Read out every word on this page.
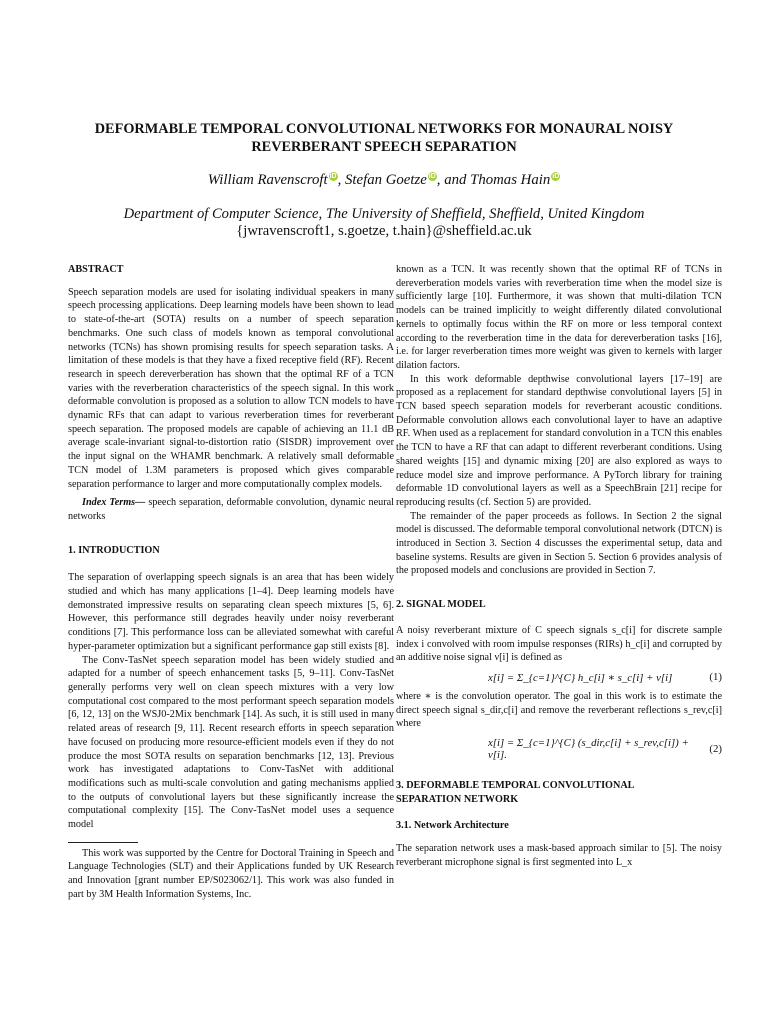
DEFORMABLE TEMPORAL CONVOLUTIONAL NETWORKS FOR MONAURAL NOISY REVERBERANT SPEECH SEPARATION
William Ravenscroft iD, Stefan Goetze iD, and Thomas Hain iD
Department of Computer Science, The University of Sheffield, Sheffield, United Kingdom
{jwravenscroft1, s.goetze, t.hain}@sheffield.ac.uk

ABSTRACT

Speech separation models are used for isolating individual speakers in many speech processing applications. Deep learning models have been shown to lead to state-of-the-art (SOTA) results on a number of speech separation benchmarks. One such class of models known as temporal convolutional networks (TCNs) has shown promising results for speech separation tasks. A limitation of these models is that they have a fixed receptive field (RF). Recent research in speech dereverberation has shown that the optimal RF of a TCN varies with the reverberation characteristics of the speech signal. In this work deformable convolution is proposed as a solution to allow TCN models to have dynamic RFs that can adapt to various reverberation times for reverberant speech separation. The proposed models are capable of achieving an 11.1 dB average scale-invariant signal-to-distortion ratio (SISDR) improvement over the input signal on the WHAMR benchmark. A relatively small deformable TCN model of 1.3M parameters is proposed which gives comparable separation performance to larger and more computationally complex models.

Index Terms— speech separation, deformable convolution, dynamic neural networks

1. INTRODUCTION

The separation of overlapping speech signals is an area that has been widely studied and which has many applications [1–4]. Deep learning models have demonstrated impressive results on separating clean speech mixtures [5, 6]. However, this performance still degrades heavily under noisy reverberant conditions [7]. This performance loss can be alleviated somewhat with careful hyper-parameter optimization but a significant performance gap still exists [8].

The Conv-TasNet speech separation model has been widely studied and adapted for a number of speech enhancement tasks [5, 9–11]. Conv-TasNet generally performs very well on clean speech mixtures with a very low computational cost compared to the most performant speech separation models [6, 12, 13] on the WSJ0-2Mix benchmark [14]. As such, it is still used in many related areas of research [9, 11]. Recent research efforts in speech separation have focused on producing more resource-efficient models even if they do not produce the most SOTA results on separation benchmarks [12, 13]. Previous work has investigated adaptations to Conv-TasNet with additional modifications such as multi-scale convolution and gating mechanisms applied to the outputs of convolutional layers but these significantly increase the computational complexity [15]. The Conv-TasNet model uses a sequence model

This work was supported by the Centre for Doctoral Training in Speech and Language Technologies (SLT) and their Applications funded by UK Research and Innovation [grant number EP/S023062/1]. This work was also funded in part by 3M Health Information Systems, Inc.

known as a TCN. It was recently shown that the optimal RF of TCNs in dereverberation models varies with reverberation time when the model size is sufficiently large [10]. Furthermore, it was shown that multi-dilation TCN models can be trained implicitly to weight differently dilated convolutional kernels to optimally focus within the RF on more or less temporal context according to the reverberation time in the data for dereverberation tasks [16], i.e. for larger reverberation times more weight was given to kernels with larger dilation factors.

In this work deformable depthwise convolutional layers [17–19] are proposed as a replacement for standard depthwise convolutional layers [5] in TCN based speech separation models for reverberant acoustic conditions. Deformable convolution allows each convolutional layer to have an adaptive RF. When used as a replacement for standard convolution in a TCN this enables the TCN to have a RF that can adapt to different reverberant conditions. Using shared weights [15] and dynamic mixing [20] are also explored as ways to reduce model size and improve performance. A PyTorch library for training deformable 1D convolutional layers as well as a SpeechBrain [21] recipe for reproducing results (cf. Section 5) are provided.

The remainder of the paper proceeds as follows. In Section 2 the signal model is discussed. The deformable temporal convolutional network (DTCN) is introduced in Section 3. Section 4 discusses the experimental setup, data and baseline systems. Results are given in Section 5. Section 6 provides analysis of the proposed models and conclusions are provided in Section 7.

2. SIGNAL MODEL

A noisy reverberant mixture of C speech signals s_c[i] for discrete sample index i convolved with room impulse responses (RIRs) h_c[i] and corrupted by an additive noise signal ν[i] is defined as

x[i] = Σ_{c=1}^{C} h_c[i] ∗ s_c[i] + ν[i]	(1)

where ∗ is the convolution operator. The goal in this work is to estimate the direct speech signal s_dir,c[i] and remove the reverberant reflections s_rev,c[i] where

x[i] = Σ_{c=1}^{C} (s_dir,c[i] + s_rev,c[i]) + ν[i].	(2)

3. DEFORMABLE TEMPORAL CONVOLUTIONAL

SEPARATION NETWORK

3.1. Network Architecture

The separation network uses a mask-based approach similar to [5]. The noisy reverberant microphone signal is first segmented into L_x
